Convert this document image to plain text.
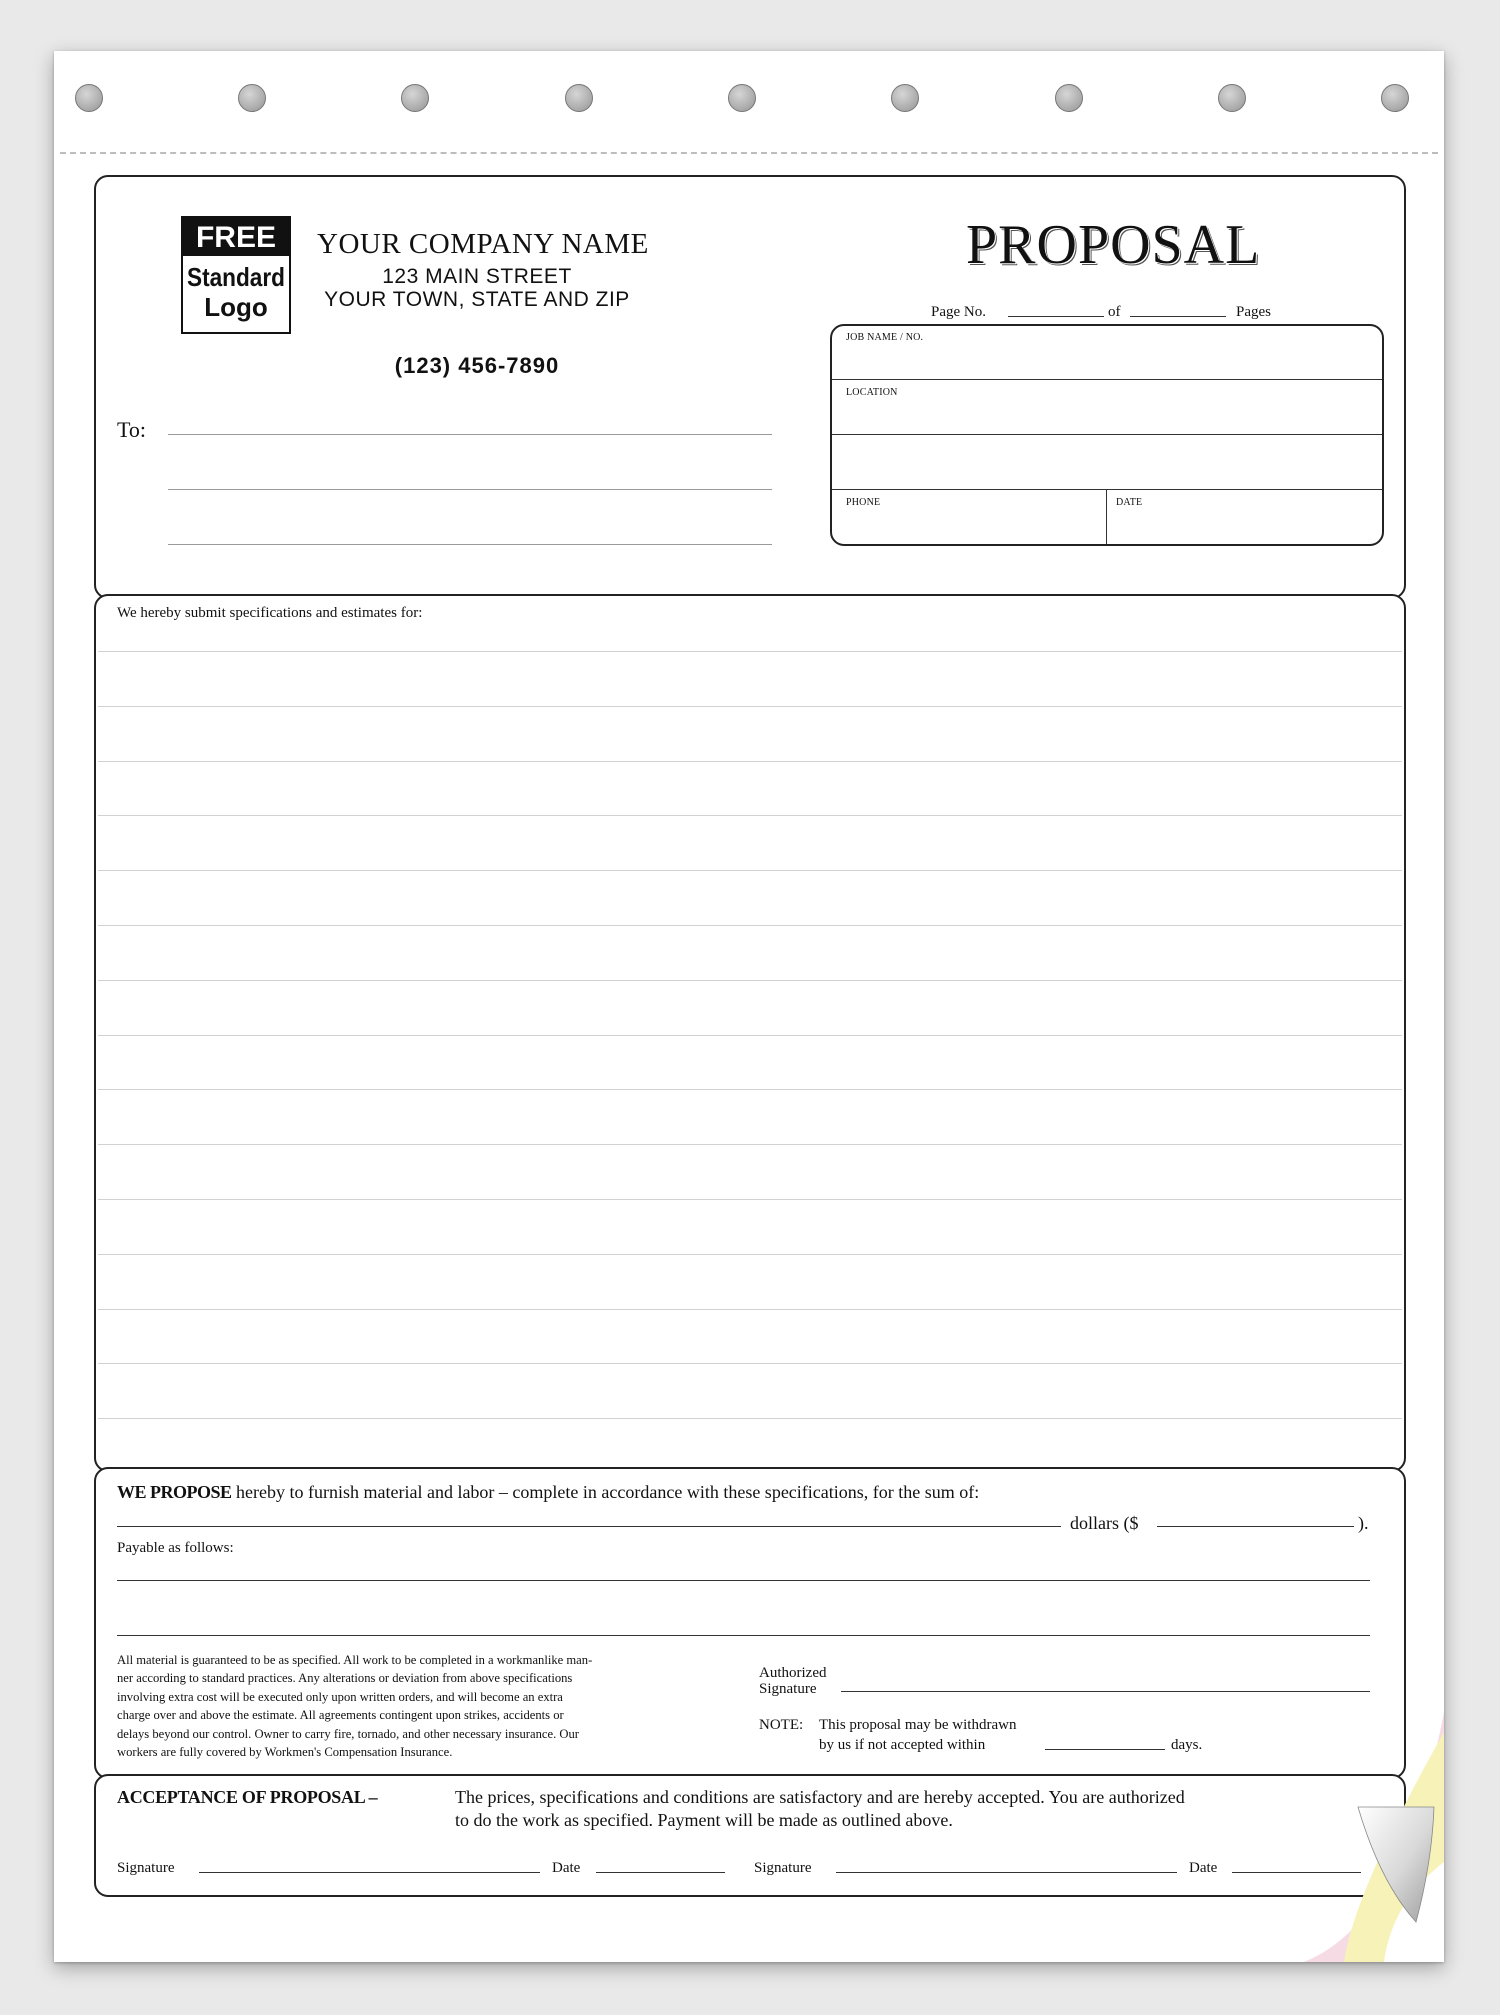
FREE
Standard
Logo
YOUR COMPANY NAME
123 MAIN STREET
YOUR TOWN, STATE AND ZIP
(123) 456-7890
To:
PROPOSAL
Page No.	of	Pages
JOB NAME / NO.
LOCATION
PHONE	DATE
We hereby submit specifications and estimates for:
WE PROPOSE hereby to furnish material and labor – complete in accordance with these specifications, for the sum of:
dollars ($	).
Payable as follows:
All material is guaranteed to be as specified. All work to be completed in a workmanlike man-
ner according to standard practices. Any alterations or deviation from above specifications
involving extra cost will be executed only upon written orders, and will become an extra
charge over and above the estimate. All agreements contingent upon strikes, accidents or
delays beyond our control. Owner to carry fire, tornado, and other necessary insurance. Our
workers are fully covered by Workmen's Compensation Insurance.
Authorized
Signature
NOTE: This proposal may be withdrawn
by us if not accepted within	days.
ACCEPTANCE OF PROPOSAL –	The prices, specifications and conditions are satisfactory and are hereby accepted. You are authorized
to do the work as specified. Payment will be made as outlined above.
Signature	Date	Signature	Date
